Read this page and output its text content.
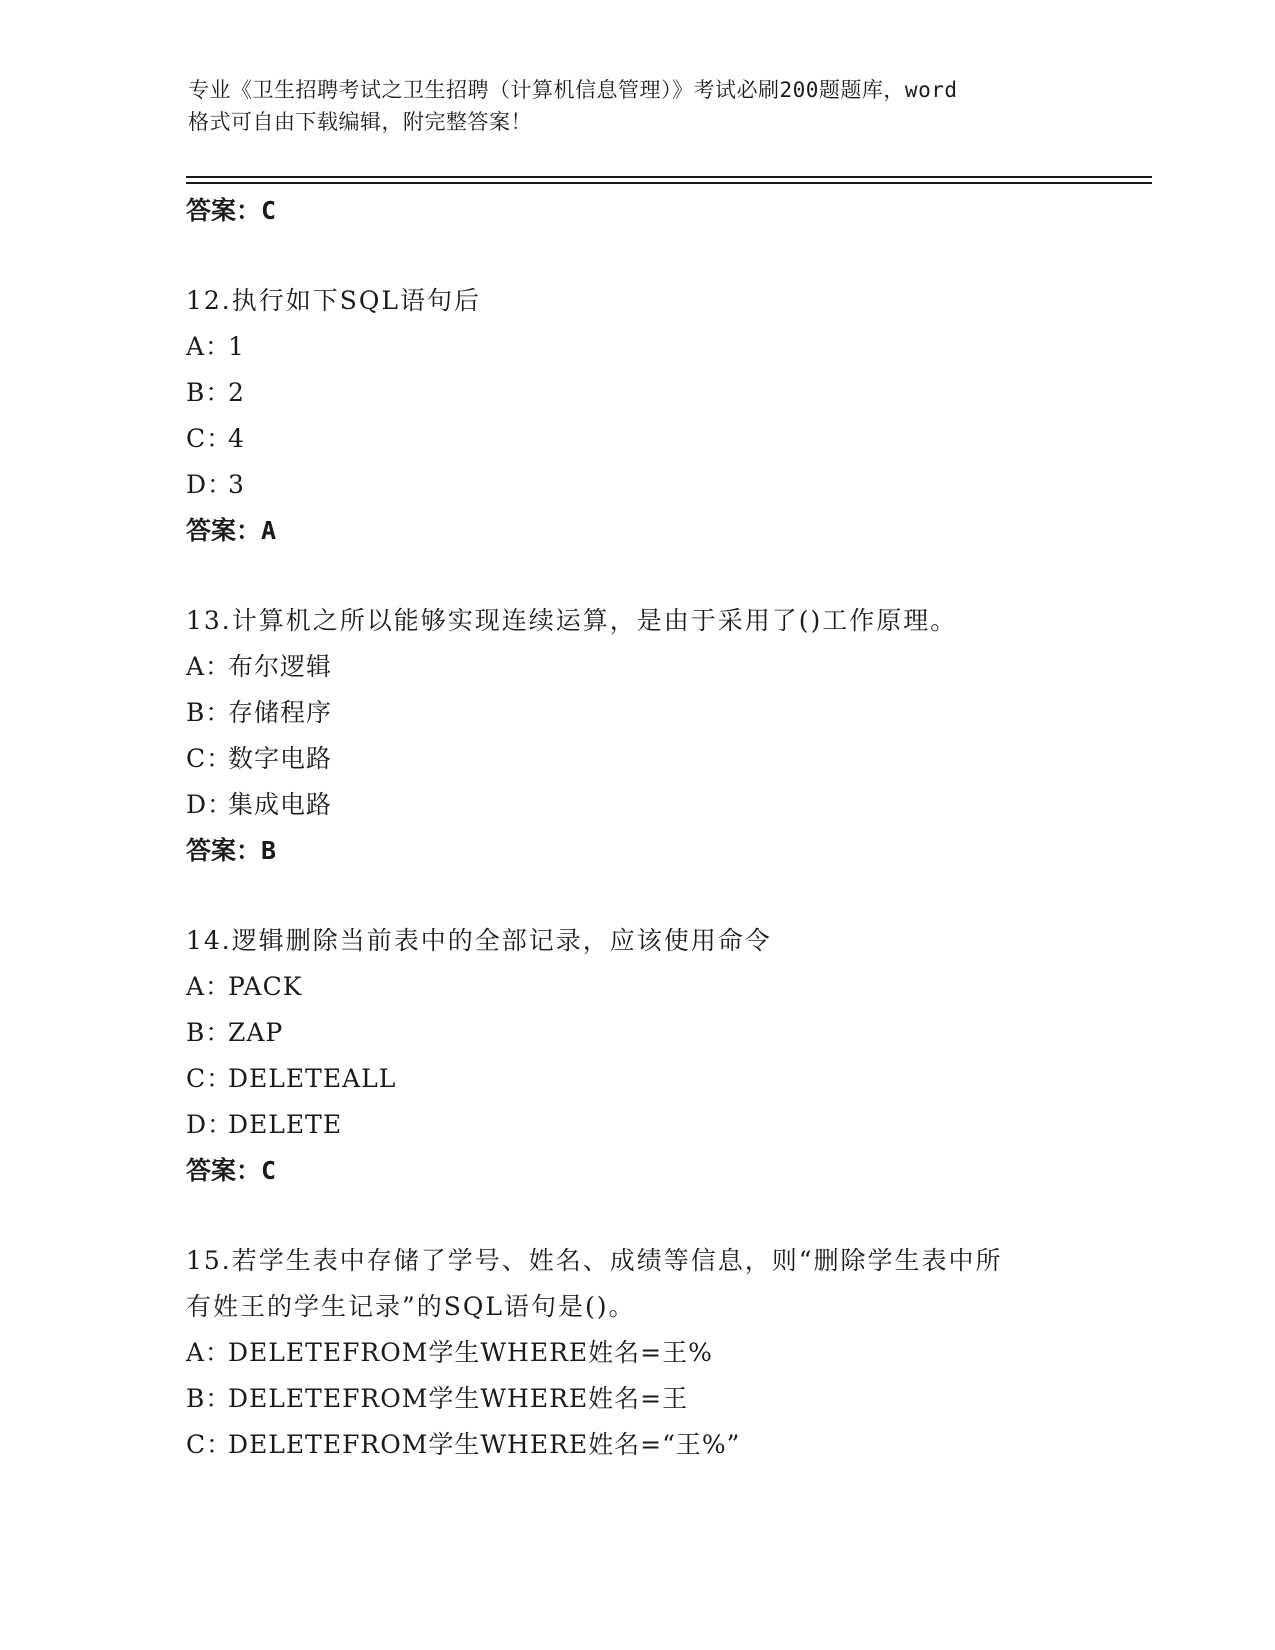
专业《卫生招聘考试之卫生招聘（计算机信息管理）》考试必刷200题题库，word
格式可自由下载编辑，附完整答案！
答案：C
12.执行如下SQL语句后
A：1
B：2
C：4
D：3
答案：A
13.计算机之所以能够实现连续运算，是由于采用了()工作原理。
A：布尔逻辑
B：存储程序
C：数字电路
D：集成电路
答案：B
14.逻辑删除当前表中的全部记录，应该使用命令
A：PACK
B：ZAP
C：DELETEALL
D：DELETE
答案：C
15.若学生表中存储了学号、姓名、成绩等信息，则“删除学生表中所
有姓王的学生记录”的SQL语句是()。
A：DELETEFROM学生WHERE姓名=王%
B：DELETEFROM学生WHERE姓名=王
C：DELETEFROM学生WHERE姓名=“王%”
